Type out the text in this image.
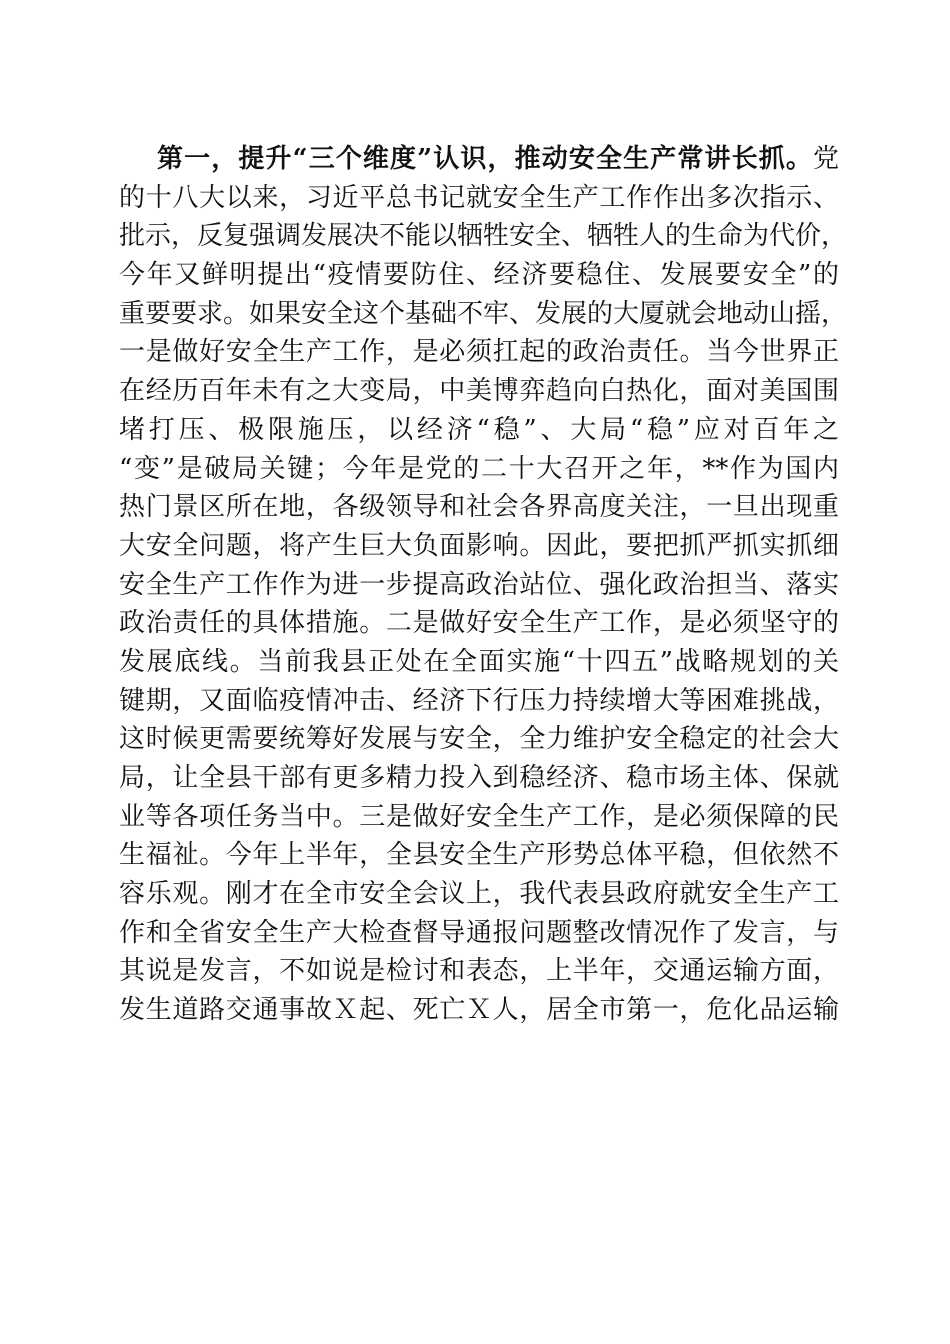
第一，提升“三个维度”认识，推动安全生产常讲长抓。党
的十八大以来，习近平总书记就安全生产工作作出多次指示、
批示，反复强调发展决不能以牺牲安全、牺牲人的生命为代价，
今年又鲜明提出“疫情要防住、经济要稳住、发展要安全”的
重要要求。如果安全这个基础不牢、发展的大厦就会地动山摇，
一是做好安全生产工作，是必须扛起的政治责任。当今世界正
在经历百年未有之大变局，中美博弈趋向白热化，面对美国围
堵打压、极限施压，以经济“稳”、大局“稳”应对百年之
“变”是破局关键；今年是党的二十大召开之年，**作为国内
热门景区所在地，各级领导和社会各界高度关注，一旦出现重
大安全问题，将产生巨大负面影响。因此，要把抓严抓实抓细
安全生产工作作为进一步提高政治站位、强化政治担当、落实
政治责任的具体措施。二是做好安全生产工作，是必须坚守的
发展底线。当前我县正处在全面实施“十四五”战略规划的关
键期，又面临疫情冲击、经济下行压力持续增大等困难挑战，
这时候更需要统筹好发展与安全，全力维护安全稳定的社会大
局，让全县干部有更多精力投入到稳经济、稳市场主体、保就
业等各项任务当中。三是做好安全生产工作，是必须保障的民
生福祉。今年上半年，全县安全生产形势总体平稳，但依然不
容乐观。刚才在全市安全会议上，我代表县政府就安全生产工
作和全省安全生产大检查督导通报问题整改情况作了发言，与
其说是发言，不如说是检讨和表态，上半年，交通运输方面，
发生道路交通事故Ｘ起、死亡Ｘ人，居全市第一，危化品运输
